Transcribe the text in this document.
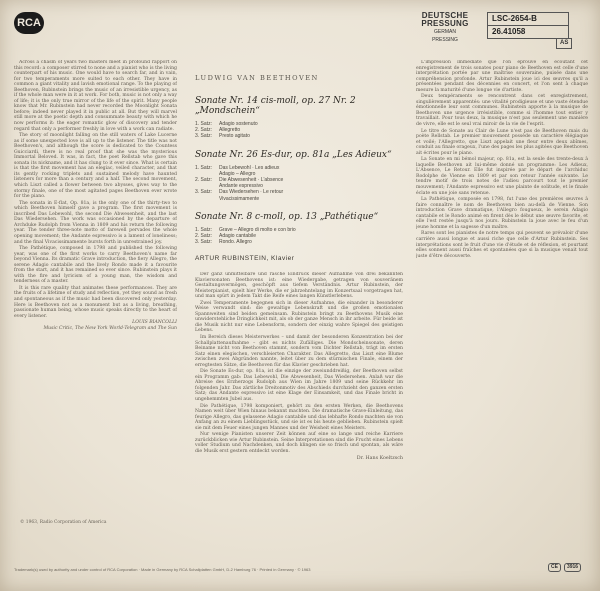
RCA
DEUTSCHE
PRESSUNG
GERMAN
PRESSING
LSC-2654-B
26.41058
AS

Across a chasm of years two masters meet in profound rapport on this record: a composer stirred to none and a pianist who is the living counterpart of his music. One would have to search far, and in vain, for two temperaments more suited to each other. They have in common a giant vitality and lavish emotional range. To the playing of Beethoven, Rubinstein brings the music of an irresistible urgency, as if the whole man were in it at work. For both, music is not only a way of life; it is the only true mirror of the life of the spirit. Many people know that Mr. Rubinstein had never recorded the Moonlight Sonata before; indeed never played it in public at all. But they will marvel still more at the poetic depth and consummate beauty with which he now performs it: the eager romantic glow of discovery and tender regard that only a performer freshly in love with a work can radiate.

The story of moonlight falling on the still waters of Lake Lucerne as if some unexpected love is all up to the listener. The title was not Beethoven's, and although the score is dedicated to the Countess Guicciardi, there is no real proof that she was the mysterious Immortal Beloved. It was, in fact, the poet Rellstab who gave this sonata its nickname, and it has clung to it ever since. What is certain is that the first movement has an elegiac, veiled character, and that its gently rocking triplets and sustained melody have haunted listeners for more than a century and a half. The second movement, which Liszt called a flower between two abysses, gives way to the stormy finale, one of the most agitated pages Beethoven ever wrote for the piano.

The sonata in E-flat, Op. 81a, is the only one of the thirty-two to which Beethoven himself gave a program. The first movement is inscribed Das Lebewohl, the second Die Abwesenheit, and the last Das Wiedersehen. The work was occasioned by the departure of Archduke Rudolph from Vienna in 1809 and his return the following year. The tender three-note motto of farewell pervades the whole opening movement; the Andante espressivo is a lament of loneliness; and the final Vivacissimamente bursts forth in unrestrained joy.

The Pathétique, composed in 1798 and published the following year, was one of the first works to carry Beethoven's name far beyond Vienna. Its dramatic Grave introduction, the fiery Allegro, the serene Adagio cantabile and the lively Rondo made it a favourite from the start, and it has remained so ever since. Rubinstein plays it with the fire and lyricism of a young man, the wisdom and tenderness of a master.

It is this rare quality that animates these performances. They are the fruits of a lifetime of study and reflection, yet they sound as fresh and spontaneous as if the music had been discovered only yesterday. Here is Beethoven not as a monument but as a living, breathing, passionate human being, whose music speaks directly to the heart of every listener.

LOUIS BIANCOLLI
Music Critic, The New York World-Telegram and The Sun
© 1963, Radio Corporation of America
LUDWIG VAN BEETHOVEN
Sonate Nr. 14 cis-moll, op. 27 Nr. 2 „Mondschein“
1. Satz:	Adagio sostenuto
2. Satz:	Allegretto
3. Satz:	Presto agitato
Sonate Nr. 26 Es-dur, op. 81a „Les Adieux“
1. Satz:	Das Lebewohl · Les adieux
Adagio – Allegro
2. Satz:	Die Abwesenheit · L'absence
Andante espressivo
3. Satz:	Das Wiedersehen · Le retour
Vivacissimamente
Sonate Nr. 8 c-moll, op. 13 „Pathétique“
1. Satz:	Grave – Allegro di molto e con brio
2. Satz:	Adagio cantabile
3. Satz:	Rondo. Allegro
ARTUR RUBINSTEIN, Klavier

Der ganz unmittelbare und rasche Eindruck dieser Aufnahme von drei bekannten Klaviersonaten Beethovens ist: eine Wiedergabe, getragen von souveränem Gestaltungsvermögen, geschöpft aus tiefem Verständnis. Artur Rubinstein, der Meisterpianist, spielt hier Werke, die er jahrzehntelang im Konzertsaal vorgetragen hat, und man spürt in jedem Takt die Reife eines langen Künstlerlebens.

Zwei Temperamente begegnen sich in dieser Aufnahme, die einander in besonderer Weise verwandt sind: die gewaltige Lebenskraft und die großen emotionalen Spannweiten sind beiden gemeinsam. Rubinstein bringt zu Beethovens Musik eine unwiderstehliche Dringlichkeit mit, als ob der ganze Mensch in ihr arbeite. Für beide ist die Musik nicht nur eine Lebensform, sondern der einzig wahre Spiegel des geistigen Lebens.

Im Bereich dieses Meisterwerkes – und damit der besonderen Konzentration bei der Schallplattenaufnahme – gibt es nichts Zufälliges. Die Mondscheinsonate, deren Beiname nicht von Beethoven stammt, sondern vom Dichter Rellstab, trägt im ersten Satz einen elegischen, verschleierten Charakter. Das Allegretto, das Liszt eine Blume zwischen zwei Abgründen nannte, leitet über zu dem stürmischen Finale, einem der erregtesten Sätze, die Beethoven für das Klavier geschrieben hat.

Die Sonate Es-dur, op. 81a, ist die einzige der zweiunddreißig, der Beethoven selbst ein Programm gab: Das Lebewohl, Die Abwesenheit, Das Wiedersehen. Anlaß war die Abreise des Erzherzogs Rudolph aus Wien im Jahre 1809 und seine Rückkehr im folgenden Jahr. Das zärtliche Dreitonmotiv des Abschieds durchzieht den ganzen ersten Satz; das Andante espressivo ist eine Klage der Einsamkeit, und das Finale bricht in ungehemmten Jubel aus.

Die Pathétique, 1798 komponiert, gehört zu den ersten Werken, die Beethovens Namen weit über Wien hinaus bekannt machten. Die dramatische Grave-Einleitung, das feurige Allegro, das gelassene Adagio cantabile und das lebhafte Rondo machten sie von Anfang an zu einem Lieblingsstück, und sie ist es bis heute geblieben. Rubinstein spielt sie mit dem Feuer eines jungen Mannes und der Weisheit eines Meisters.

Nur wenige Pianisten unserer Zeit können auf eine so lange und reiche Karriere zurückblicken wie Artur Rubinstein. Seine Interpretationen sind die Frucht eines Lebens voller Studium und Nachdenken, und doch klingen sie so frisch und spontan, als wäre die Musik erst gestern entdeckt worden.

Dr. Hans Koeltzsch

L'impression immédiate que l'on éprouve en écoutant cet enregistrement de trois sonates pour piano de Beethoven est celle d'une interprétation portée par une maîtrise souveraine, puisée dans une compréhension profonde. Artur Rubinstein joue ici des œuvres qu'il a présentées pendant des décennies en concert, et l'on sent à chaque mesure la maturité d'une longue vie d'artiste.

Deux tempéraments se rencontrent dans cet enregistrement, singulièrement apparentés: une vitalité prodigieuse et une vaste étendue émotionnelle leur sont communes. Rubinstein apporte à la musique de Beethoven une urgence irrésistible, comme si l'homme tout entier y travaillait. Pour tous deux, la musique n'est pas seulement une manière de vivre, elle est le seul vrai miroir de la vie de l'esprit.

Le titre de Sonate au Clair de Lune n'est pas de Beethoven mais du poète Rellstab. Le premier mouvement possède un caractère élégiaque et voilé; l'Allegretto, que Liszt appelait une fleur entre deux abîmes, conduit au finale orageux, l'une des pages les plus agitées que Beethoven ait écrites pour le piano.

La Sonate en mi bémol majeur, op. 81a, est la seule des trente-deux à laquelle Beethoven ait lui-même donné un programme: Les Adieux, L'Absence, Le Retour. Elle fut inspirée par le départ de l'archiduc Rodolphe de Vienne en 1809 et par son retour l'année suivante. Le tendre motif de trois notes de l'adieu parcourt tout le premier mouvement; l'Andante espressivo est une plainte de solitude, et le finale éclate en une joie sans retenue.

La Pathétique, composée en 1798, fut l'une des premières œuvres à faire connaître le nom de Beethoven bien au-delà de Vienne. Son introduction Grave dramatique, l'Allegro fougueux, le serein Adagio cantabile et le Rondo animé en firent dès le début une œuvre favorite, et elle l'est restée jusqu'à nos jours. Rubinstein la joue avec le feu d'un jeune homme et la sagesse d'un maître.

Rares sont les pianistes de notre temps qui peuvent se prévaloir d'une carrière aussi longue et aussi riche que celle d'Artur Rubinstein. Ses interprétations sont le fruit d'une vie d'étude et de réflexion, et pourtant elles sonnent aussi fraîches et spontanées que si la musique venait tout juste d'être découverte.

Trademark(s) used by authority and under control of RCA Corporation · Made in Germany by RCA Schallplatten GmbH, D-2 Hamburg 76 · Printed in Germany · © 1963	CE	3916
